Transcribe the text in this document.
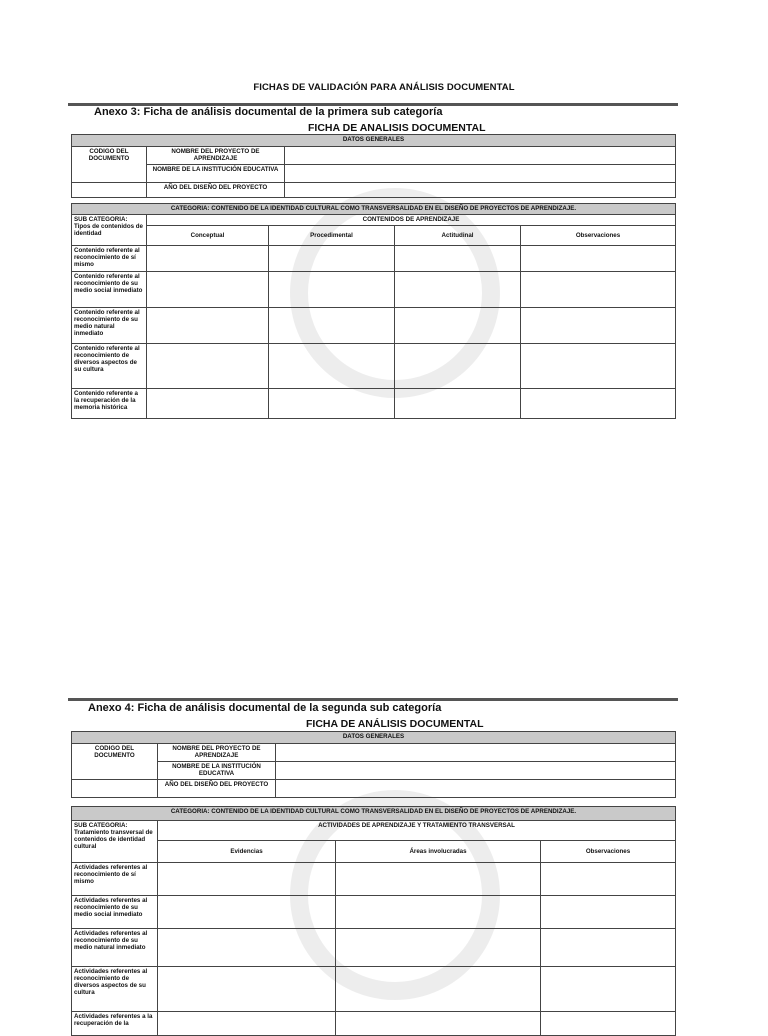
FICHAS DE VALIDACIÓN PARA ANÁLISIS DOCUMENTAL
Anexo 3: Ficha de análisis documental de la primera sub categoría
FICHA DE ANALISIS DOCUMENTAL
DATOS GENERALES		
CODIGO DEL DOCUMENTO	NOMBRE DEL PROYECTO DE APRENDIZAJE	
	NOMBRE DE LA INSTITUCIÓN EDUCATIVA	
	AÑO DEL DISEÑO DEL PROYECTO	
CATEGORIA: CONTENIDO DE LA IDENTIDAD CULTURAL COMO TRANSVERSALIDAD EN EL DISEÑO DE PROYECTOS DE APRENDIZAJE.				
SUB CATEGORIA: Tipos de contenidos de identidad	CONTENIDOS DE APRENDIZAJE			
	Conceptual	Procedimental	Actitudinal	Observaciones
Contenido referente al reconocimiento de sí mismo				
Contenido referente al reconocimiento de su medio social inmediato				
Contenido referente al reconocimiento de su medio natural inmediato				
Contenido referente al reconocimiento de diversos aspectos de su cultura				
Contenido referente a la recuperación de la memoria histórica				
Anexo 4: Ficha de análisis documental de la segunda sub categoría
FICHA DE ANÁLISIS DOCUMENTAL
DATOS GENERALES		
CODIGO DEL DOCUMENTO	NOMBRE DEL PROYECTO DE APRENDIZAJE	
	NOMBRE DE LA INSTITUCIÓN EDUCATIVA	
	AÑO DEL DISEÑO DEL PROYECTO	
CATEGORIA: CONTENIDO DE LA IDENTIDAD CULTURAL COMO TRANSVERSALIDAD EN EL DISEÑO DE PROYECTOS DE APRENDIZAJE.			
SUB CATEGORIA: Tratamiento transversal de contenidos de identidad cultural	ACTIVIDADES DE APRENDIZAJE Y TRATAMIENTO TRANSVERSAL		
	Evidencias	Áreas involucradas	Observaciones
Actividades referentes al reconocimiento de sí mismo			
Actividades referentes al reconocimiento de su medio social inmediato			
Actividades referentes al reconocimiento de su medio natural inmediato			
Actividades referentes al reconocimiento de diversos aspectos de su cultura			
Actividades referentes a la recuperación de la			
